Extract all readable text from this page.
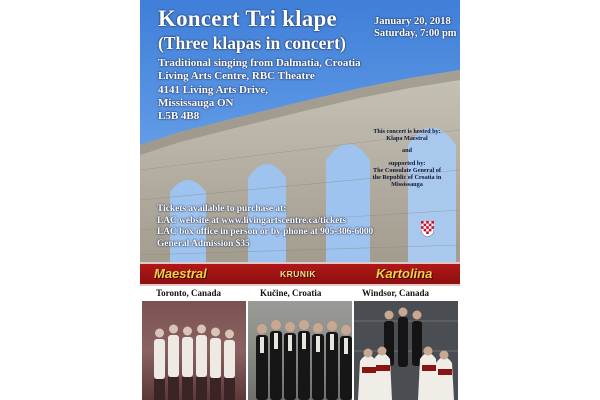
Koncert Tri klape
(Three klapas in concert)
January 20, 2018
Saturday, 7:00 pm
Traditional singing from Dalmatia, Croatia
Living Arts Centre, RBC Theatre
4141 Living Arts Drive,
Mississauga ON
L5B 4B8
This concert is hosted by:
Klapa Maestral
and
supported by:
The Consulate General of the Republic of Croatia in Mississauga
Tickets available to purchase at:
LAC website at www.livingartscentre.ca/tickets
LAC box office in person or by phone at 905-306-6000
General Admission $35
Maestral	KRUNIK	Kartolina
Toronto, Canada	Kučine, Croatia	Windsor, Canada
